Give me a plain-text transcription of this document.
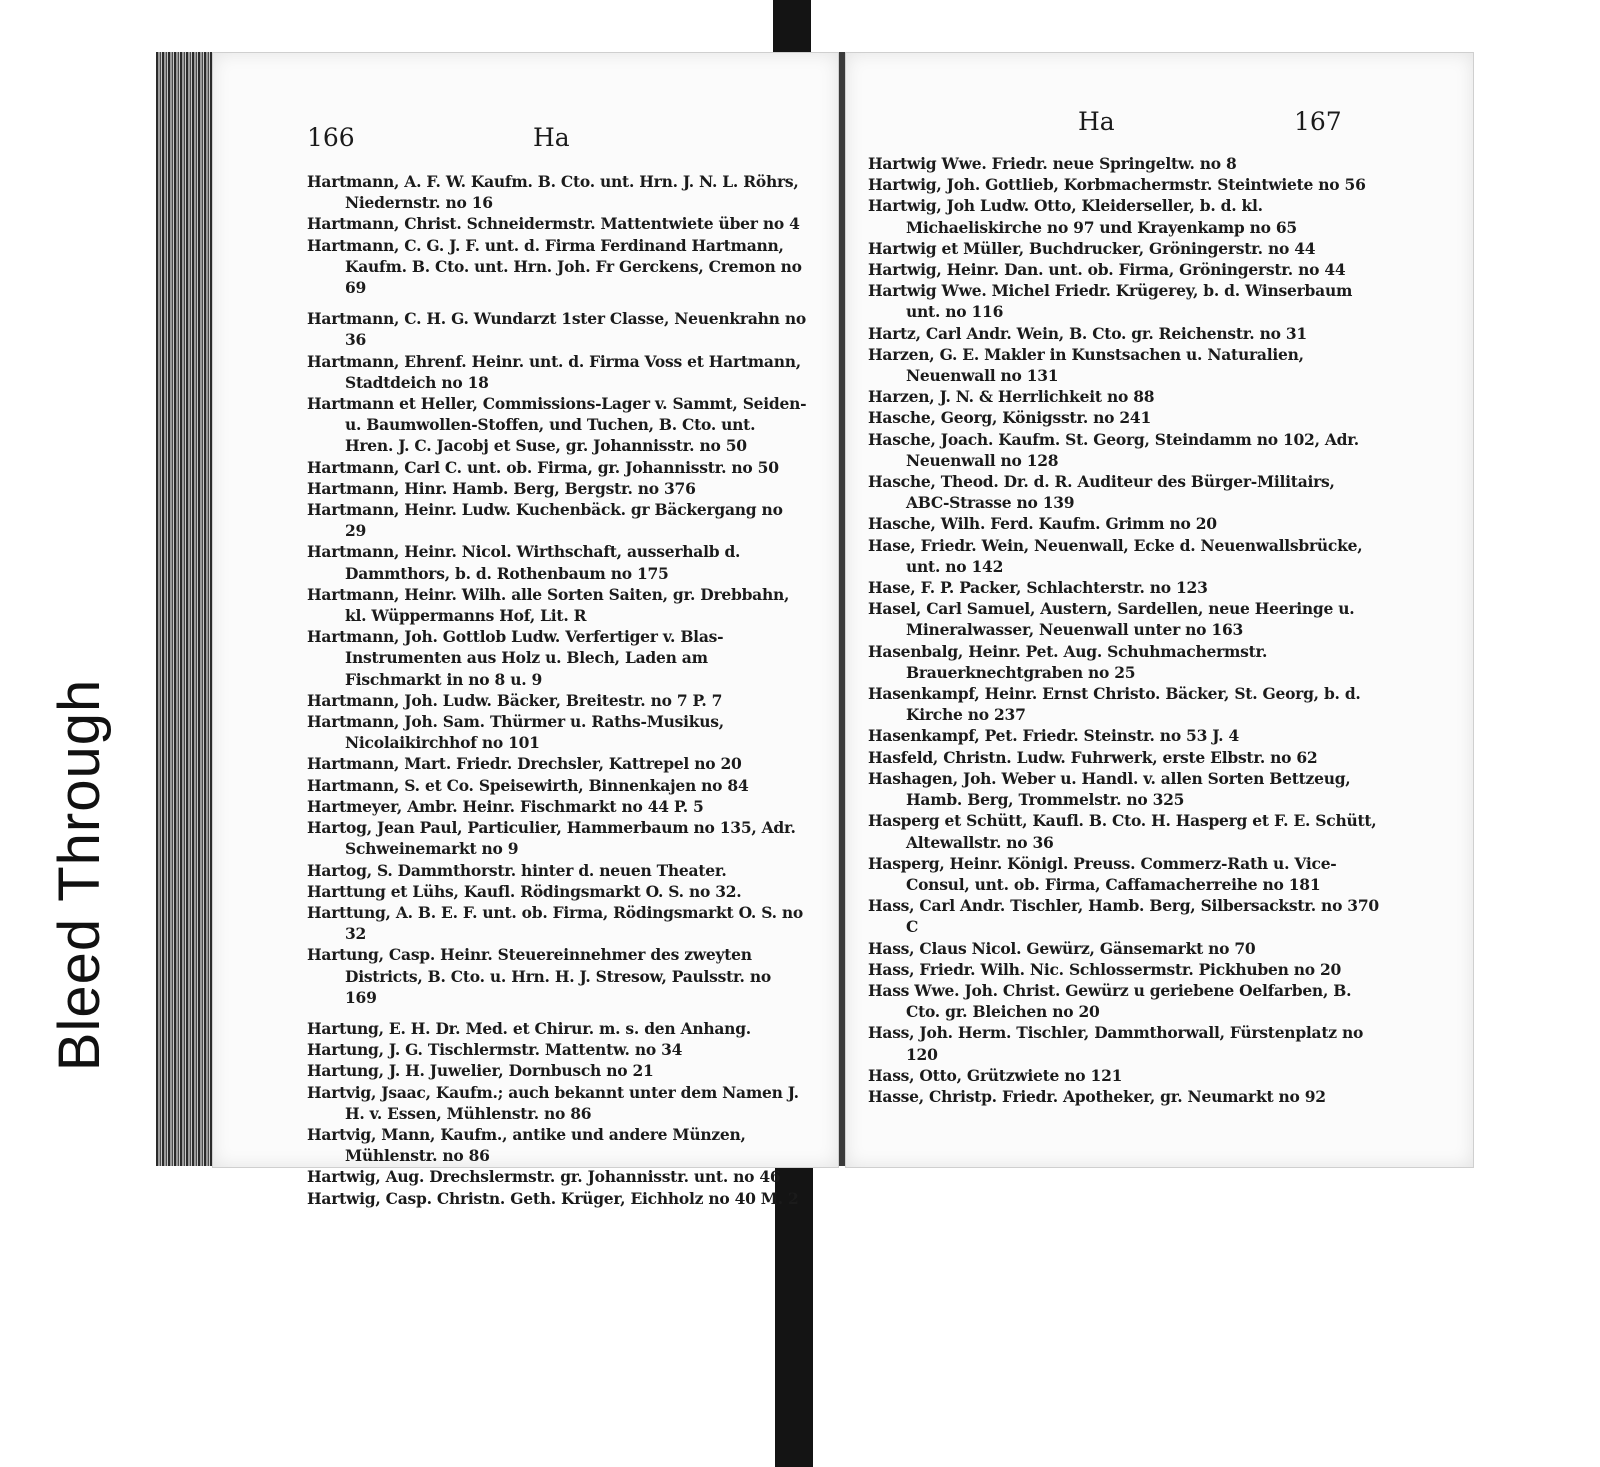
Bleed Through
166	Ha

Hartmann, A. F. W. Kaufm. B. Cto. unt. Hrn. J. N. L. Röhrs, Niedernstr. no 16

Hartmann, Christ. Schneidermstr. Mattentwiete über no 4

Hartmann, C. G. J. F. unt. d. Firma Ferdinand Hartmann, Kaufm. B. Cto. unt. Hrn. Joh. Fr Gerckens, Cremon no 69

Hartmann, C. H. G. Wundarzt 1ster Classe, Neuenkrahn no 36

Hartmann, Ehrenf. Heinr. unt. d. Firma Voss et Hartmann, Stadtdeich no 18

Hartmann et Heller, Commissions-Lager v. Sammt, Seiden- u. Baumwollen-Stoffen, und Tuchen, B. Cto. unt. Hren. J. C. Jacobj et Suse, gr. Johannisstr. no 50

Hartmann, Carl C. unt. ob. Firma, gr. Johannisstr. no 50

Hartmann, Hinr. Hamb. Berg, Bergstr. no 376

Hartmann, Heinr. Ludw. Kuchenbäck. gr Bäckergang no 29

Hartmann, Heinr. Nicol. Wirthschaft, ausserhalb d. Dammthors, b. d. Rothenbaum no 175

Hartmann, Heinr. Wilh. alle Sorten Saiten, gr. Drebbahn, kl. Wüppermanns Hof, Lit. R

Hartmann, Joh. Gottlob Ludw. Verfertiger v. Blas-Instrumenten aus Holz u. Blech, Laden am Fischmarkt in no 8 u. 9

Hartmann, Joh. Ludw. Bäcker, Breitestr. no 7 P. 7

Hartmann, Joh. Sam. Thürmer u. Raths-Musikus, Nicolaikirchhof no 101

Hartmann, Mart. Friedr. Drechsler, Kattrepel no 20

Hartmann, S. et Co. Speisewirth, Binnenkajen no 84

Hartmeyer, Ambr. Heinr. Fischmarkt no 44 P. 5

Hartog, Jean Paul, Particulier, Hammerbaum no 135, Adr. Schweinemarkt no 9

Hartog, S. Dammthorstr. hinter d. neuen Theater.

Harttung et Lühs, Kaufl. Rödingsmarkt O. S. no 32.

Harttung, A. B. E. F. unt. ob. Firma, Rödingsmarkt O. S. no 32

Hartung, Casp. Heinr. Steuereinnehmer des zweyten Districts, B. Cto. u. Hrn. H. J. Stresow, Paulsstr. no 169

Hartung, E. H. Dr. Med. et Chirur. m. s. den Anhang.

Hartung, J. G. Tischlermstr. Mattentw. no 34

Hartung, J. H. Juwelier, Dornbusch no 21

Hartvig, Jsaac, Kaufm.; auch bekannt unter dem Namen J. H. v. Essen, Mühlenstr. no 86

Hartvig, Mann, Kaufm., antike und andere Münzen, Mühlenstr. no 86

Hartwig, Aug. Drechslermstr. gr. Johannisstr. unt. no 46

Hartwig, Casp. Christn. Geth. Krüger, Eichholz no 40 M. 2

Ha	167

Hartwig Wwe. Friedr. neue Springeltw. no 8

Hartwig, Joh. Gottlieb, Korbmachermstr. Steintwiete no 56

Hartwig, Joh Ludw. Otto, Kleiderseller, b. d. kl. Michaeliskirche no 97 und Krayenkamp no 65

Hartwig et Müller, Buchdrucker, Gröningerstr. no 44

Hartwig, Heinr. Dan. unt. ob. Firma, Gröningerstr. no 44

Hartwig Wwe. Michel Friedr. Krügerey, b. d. Winserbaum unt. no 116

Hartz, Carl Andr. Wein, B. Cto. gr. Reichenstr. no 31

Harzen, G. E. Makler in Kunstsachen u. Naturalien, Neuenwall no 131

Harzen, J. N. & Herrlichkeit no 88

Hasche, Georg, Königsstr. no 241

Hasche, Joach. Kaufm. St. Georg, Steindamm no 102, Adr. Neuenwall no 128

Hasche, Theod. Dr. d. R. Auditeur des Bürger-Militairs, ABC-Strasse no 139

Hasche, Wilh. Ferd. Kaufm. Grimm no 20

Hase, Friedr. Wein, Neuenwall, Ecke d. Neuenwallsbrücke, unt. no 142

Hase, F. P. Packer, Schlachterstr. no 123

Hasel, Carl Samuel, Austern, Sardellen, neue Heeringe u. Mineralwasser, Neuenwall unter no 163

Hasenbalg, Heinr. Pet. Aug. Schuhmachermstr. Brauerknechtgraben no 25

Hasenkampf, Heinr. Ernst Christo. Bäcker, St. Georg, b. d. Kirche no 237

Hasenkampf, Pet. Friedr. Steinstr. no 53 J. 4

Hasfeld, Christn. Ludw. Fuhrwerk, erste Elbstr. no 62

Hashagen, Joh. Weber u. Handl. v. allen Sorten Bettzeug, Hamb. Berg, Trommelstr. no 325

Hasperg et Schütt, Kaufl. B. Cto. H. Hasperg et F. E. Schütt, Altewallstr. no 36

Hasperg, Heinr. Königl. Preuss. Commerz-Rath u. Vice-Consul, unt. ob. Firma, Caffamacherreihe no 181

Hass, Carl Andr. Tischler, Hamb. Berg, Silbersackstr. no 370 C

Hass, Claus Nicol. Gewürz, Gänsemarkt no 70

Hass, Friedr. Wilh. Nic. Schlossermstr. Pickhuben no 20

Hass Wwe. Joh. Christ. Gewürz u geriebene Oelfarben, B. Cto. gr. Bleichen no 20

Hass, Joh. Herm. Tischler, Dammthorwall, Fürstenplatz no 120

Hass, Otto, Grützwiete no 121

Hasse, Christp. Friedr. Apotheker, gr. Neumarkt no 92
